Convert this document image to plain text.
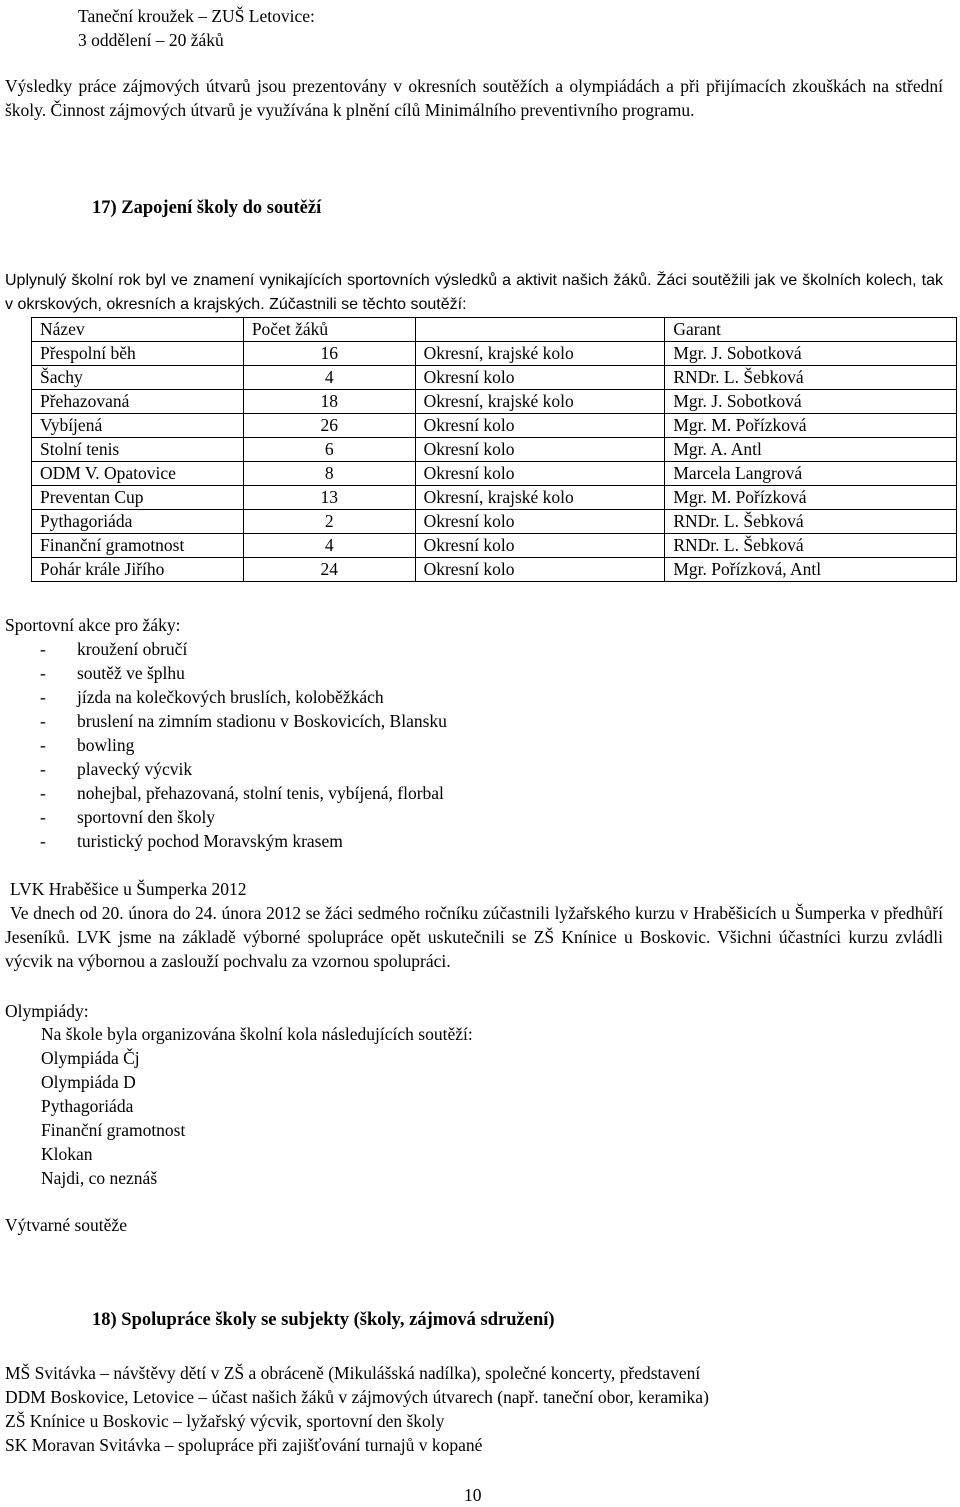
Taneční kroužek – ZUŠ Letovice:
3 oddělení – 20 žáků
Výsledky práce zájmových útvarů jsou prezentovány v okresních soutěžích a olympiádách a při přijímacích zkouškách na střední školy. Činnost zájmových útvarů je využívána k plnění cílů Minimálního preventivního programu.
17) Zapojení školy do soutěží
Uplynulý školní rok byl ve znamení vynikajících sportovních výsledků a aktivit našich žáků. Žáci soutěžili jak ve školních kolech, tak v okrskových, okresních a krajských. Zúčastnili se těchto soutěží:
Název	Počet žáků		Garant
Přespolní běh	16	Okresní, krajské kolo	Mgr. J. Sobotková
Šachy	4	Okresní kolo	RNDr. L. Šebková
Přehazovaná	18	Okresní, krajské kolo	Mgr. J. Sobotková
Vybíjená	26	Okresní kolo	Mgr. M. Pořízková
Stolní tenis	6	Okresní kolo	Mgr. A. Antl
ODM V. Opatovice	8	Okresní kolo	Marcela Langrová
Preventan Cup	13	Okresní, krajské kolo	Mgr. M. Pořízková
Pythagoriáda	2	Okresní kolo	RNDr. L. Šebková
Finanční gramotnost	4	Okresní kolo	RNDr. L. Šebková
Pohár krále Jiřího	24	Okresní kolo	Mgr. Pořízková, Antl
Sportovní akce pro žáky:
- kroužení obručí
- soutěž ve šplhu
- jízda na kolečkových bruslích, koloběžkách
- bruslení na zimním stadionu v Boskovicích, Blansku
- bowling
- plavecký výcvik
- nohejbal, přehazovaná, stolní tenis, vybíjená, florbal
- sportovní den školy
- turistický pochod Moravským krasem
LVK Hraběšice u Šumperka 2012
Ve dnech od 20. února do 24. února 2012 se žáci sedmého ročníku zúčastnili lyžařského kurzu v Hraběšicích u Šumperka v předhůří Jeseníků. LVK jsme na základě výborné spolupráce opět uskutečnili se ZŠ Knínice u Boskovic. Všichni účastníci kurzu zvládli výcvik na výbornou a zaslouží pochvalu za vzornou spolupráci.
Olympiády:
Na škole byla organizována školní kola následujících soutěží:
Olympiáda Čj
Olympiáda D
Pythagoriáda
Finanční gramotnost
Klokan
Najdi, co neznáš
Výtvarné soutěže
18) Spolupráce školy se subjekty (školy, zájmová sdružení)
MŠ Svitávka – návštěvy dětí v ZŠ a obráceně (Mikulášská nadílka), společné koncerty, představení
DDM Boskovice, Letovice – účast našich žáků v zájmových útvarech (např. taneční obor, keramika)
ZŠ Knínice u Boskovic – lyžařský výcvik, sportovní den školy
SK Moravan Svitávka – spolupráce při zajišťování turnajů v kopané
10
